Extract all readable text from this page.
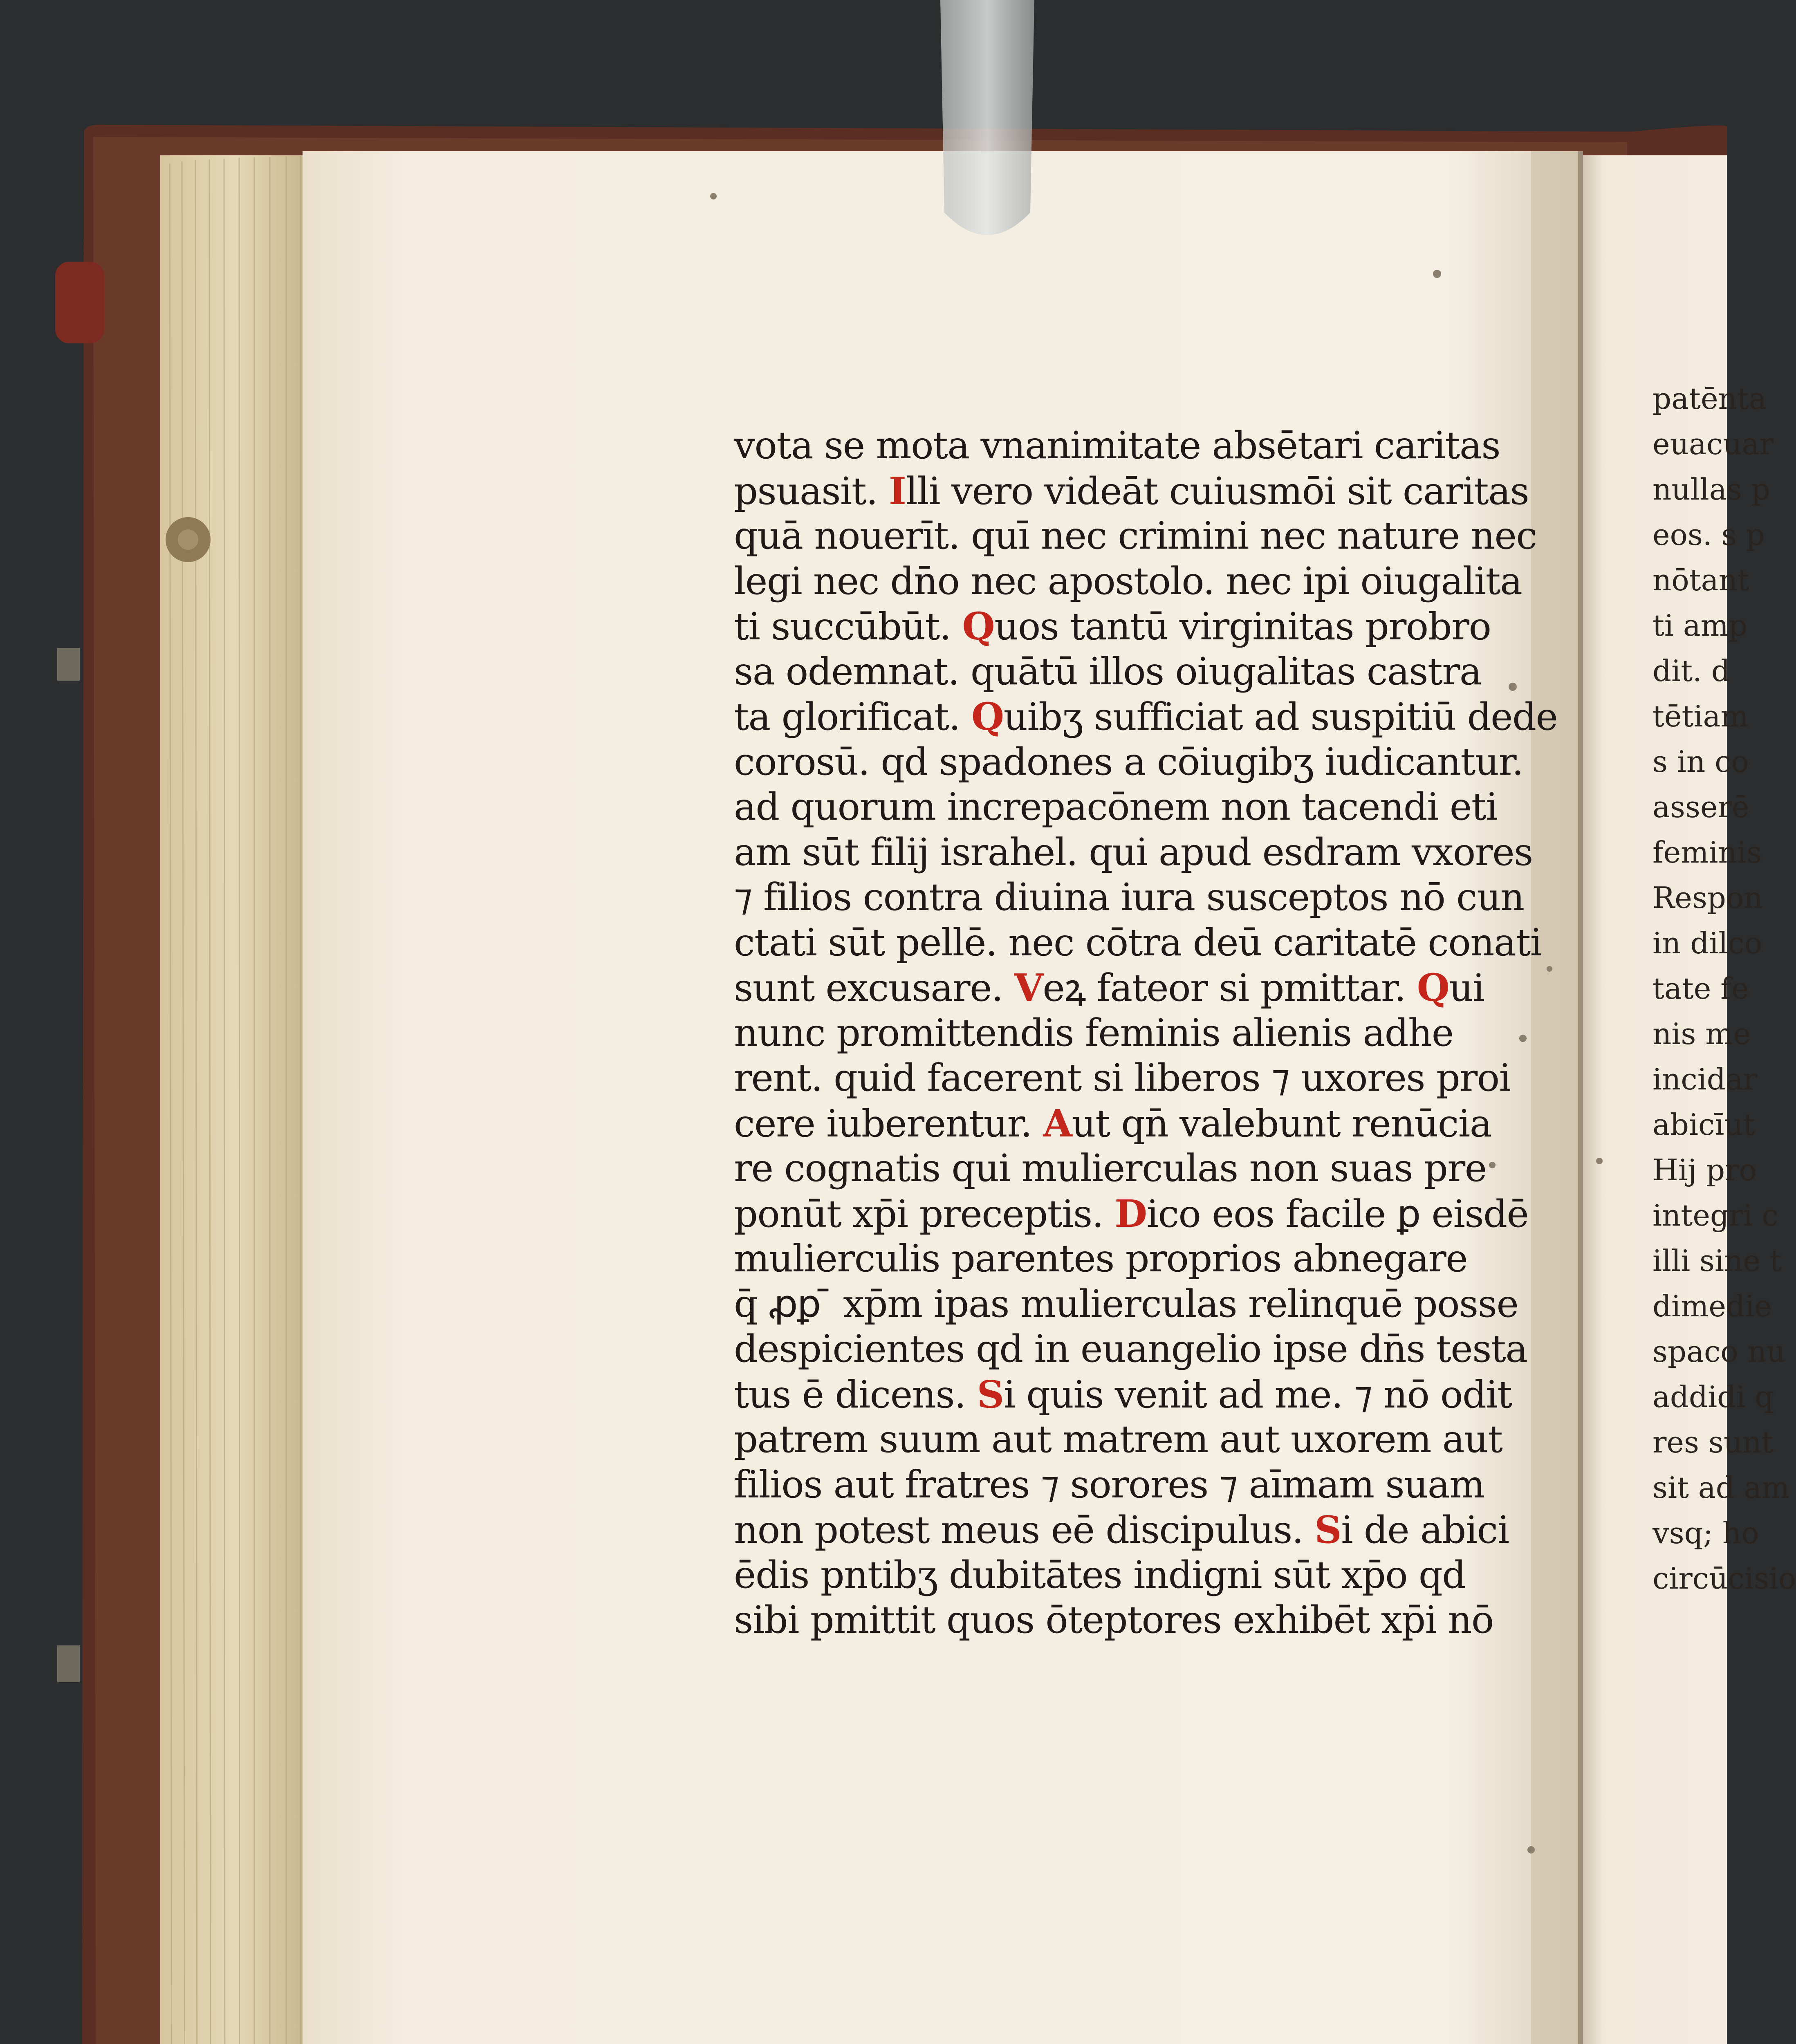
vota se mota vnanimitate absētari caritas
psuasit. Illi vero videāt cuiusmōi sit caritas
quā nouerīt. quī nec crimini nec nature nec
legi nec dn̄o nec apostolo. nec ipi oiugalita
ti succūbūt. Quos tantū virginitas probro
sa odemnat. quātū illos oiugalitas castra
ta glorificat. Quibʒ sufficiat ad suspitiū dede
corosū. qd spadones a cōiugibʒ iudicantur.
ad quorum increpacōnem non tacendi eti
am sūt filij israhel. qui apud esdram vxores
⁊ filios contra diuina iura susceptos nō cun
ctati sūt pellē. nec cōtra deū caritatē conati
sunt excusare. Veꝝ fateor si pmittar. Qui
nunc promittendis feminis alienis adhe
rent. quid facerent si liberos ⁊ uxores proi
cere iuberentur. Aut qn̄ valebunt renūcia
re cognatis qui mulierculas non suas pre
ponūt xp̄i preceptis. Dico eos facile ꝑ eisdē
mulierculis parentes proprios abnegare
q̄ ꝓꝑ ̄ xp̄m ipas mulierculas relinquē posse
despicientes qd in euangelio ipse dn̄s testa
tus ē dicens. Si quis venit ad me. ⁊ nō odit
patrem suum aut matrem aut uxorem aut
filios aut fratres ⁊ sorores ⁊ aīmam suam
non potest meus eē discipulus. Si de abici
ēdis pntibʒ dubitātes indigni sūt xp̄o qd
sibi pmittit quos ōteptores exhibēt xp̄i nō
patēnta
euacuar
nullas p
eos. s p
nōtant
ti amp
dit. d
tētiam
s in co
asserē
feminis
Respon
in dilco
tate fe
nis me
incidar
abicīut
Hij pro
integri c
illi sine t
dimedie
spaco nu
addidi q
res sunt
sit ad am
vsq; ho
circūcisio
